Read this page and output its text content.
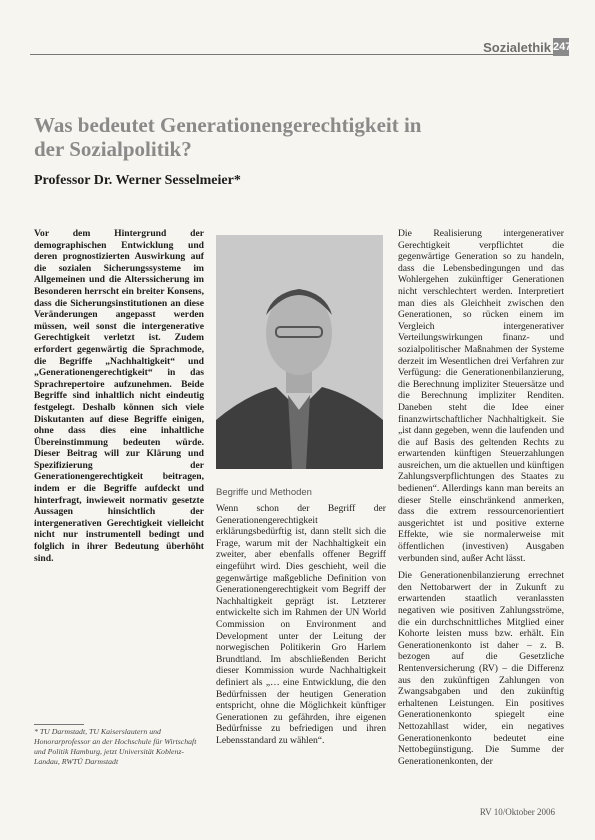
Sozialethik 247
Was bedeutet Generationengerechtigkeit in der Sozialpolitik?
Professor Dr. Werner Sesselmeier*

Vor dem Hintergrund der demographischen Entwicklung und deren prognostizierten Auswirkung auf die sozialen Sicherungssysteme im Allgemeinen und die Alterssicherung im Besonderen herrscht ein breiter Konsens, dass die Sicherungsinstitutionen an diese Veränderungen angepasst werden müssen, weil sonst die intergenerative Gerechtigkeit verletzt ist. Zudem erfordert gegenwärtig die Sprachmode, die Begriffe „Nachhaltigkeit“ und „Generationengerechtigkeit“ in das Sprachrepertoire aufzunehmen. Beide Begriffe sind inhaltlich nicht eindeutig festgelegt. Deshalb können sich viele Diskutanten auf diese Begriffe einigen, ohne dass dies eine inhaltliche Übereinstimmung bedeuten würde. Dieser Beitrag will zur Klärung und Spezifizierung der Generationengerechtigkeit beitragen, indem er die Begriffe aufdeckt und hinterfragt, inwieweit normativ gesetzte Aussagen hinsichtlich der intergenerativen Gerechtigkeit vielleicht nicht nur instrumentell bedingt und folglich in ihrer Bedeutung überhöht sind.

Begriffe und Methoden

Wenn schon der Begriff der Generationengerechtigkeit erklärungsbedürftig ist, dann stellt sich die Frage, warum mit der Nachhaltigkeit ein zweiter, aber ebenfalls offener Begriff eingeführt wird. Dies geschieht, weil die gegenwärtige maßgebliche Definition von Generationengerechtigkeit vom Begriff der Nachhaltigkeit geprägt ist. Letzterer entwickelte sich im Rahmen der UN World Commission on Environment and Development unter der Leitung der norwegischen Politikerin Gro Harlem Brundtland. Im abschließenden Bericht dieser Kommission wurde Nachhaltigkeit definiert als „… eine Entwicklung, die den Bedürfnissen der heutigen Generation entspricht, ohne die Möglichkeit künftiger Generationen zu gefährden, ihre eigenen Bedürfnisse zu befriedigen und ihren Lebensstandard zu wählen“.

Die Realisierung intergenerativer Gerechtigkeit verpflichtet die gegenwärtige Generation so zu handeln, dass die Lebensbedingungen und das Wohlergehen zukünftiger Generationen nicht verschlechtert werden. Interpretiert man dies als Gleichheit zwischen den Generationen, so rücken einem im Vergleich intergenerativer Verteilungswirkungen finanz- und sozialpolitischer Maßnahmen der Systeme derzeit im Wesentlichen drei Verfahren zur Verfügung: die Generationenbilanzierung, die Berechnung impliziter Steuersätze und die Berechnung impliziter Renditen. Daneben steht die Idee einer finanzwirtschaftlicher Nachhaltigkeit. Sie „ist dann gegeben, wenn die laufenden und die auf Basis des geltenden Rechts zu erwartenden künftigen Steuerzahlungen ausreichen, um die aktuellen und künftigen Zahlungsverpflichtungen des Staates zu bedienen“. Allerdings kann man bereits an dieser Stelle einschränkend anmerken, dass die extrem ressourcenorientiert ausgerichtet ist und positive externe Effekte, wie sie normalerweise mit öffentlichen (investiven) Ausgaben verbunden sind, außer Acht lässt.

Die Generationenbilanzierung errechnet den Nettobarwert der in Zukunft zu erwartenden staatlich veranlassten negativen wie positiven Zahlungsströme, die ein durchschnittliches Mitglied einer Kohorte leisten muss bzw. erhält. Ein Generationenkonto ist daher – z. B. bezogen auf die Gesetzliche Rentenversicherung (RV) – die Differenz aus den zukünftigen Zahlungen von Zwangsabgaben und den zukünftig erhaltenen Leistungen. Ein positives Generationenkonto spiegelt eine Nettozahllast wider, ein negatives Generationenkonto bedeutet eine Nettobegünstigung. Die Summe der Generationenkonten, der

* TU Darmstadt, TU Kaiserslautern und Honorarprofessor an der Hochschule für Wirtschaft und Politik Hamburg, jetzt Universität Koblenz-Landau, RWTÜ Darmstadt
RV 10/Oktober 2006
